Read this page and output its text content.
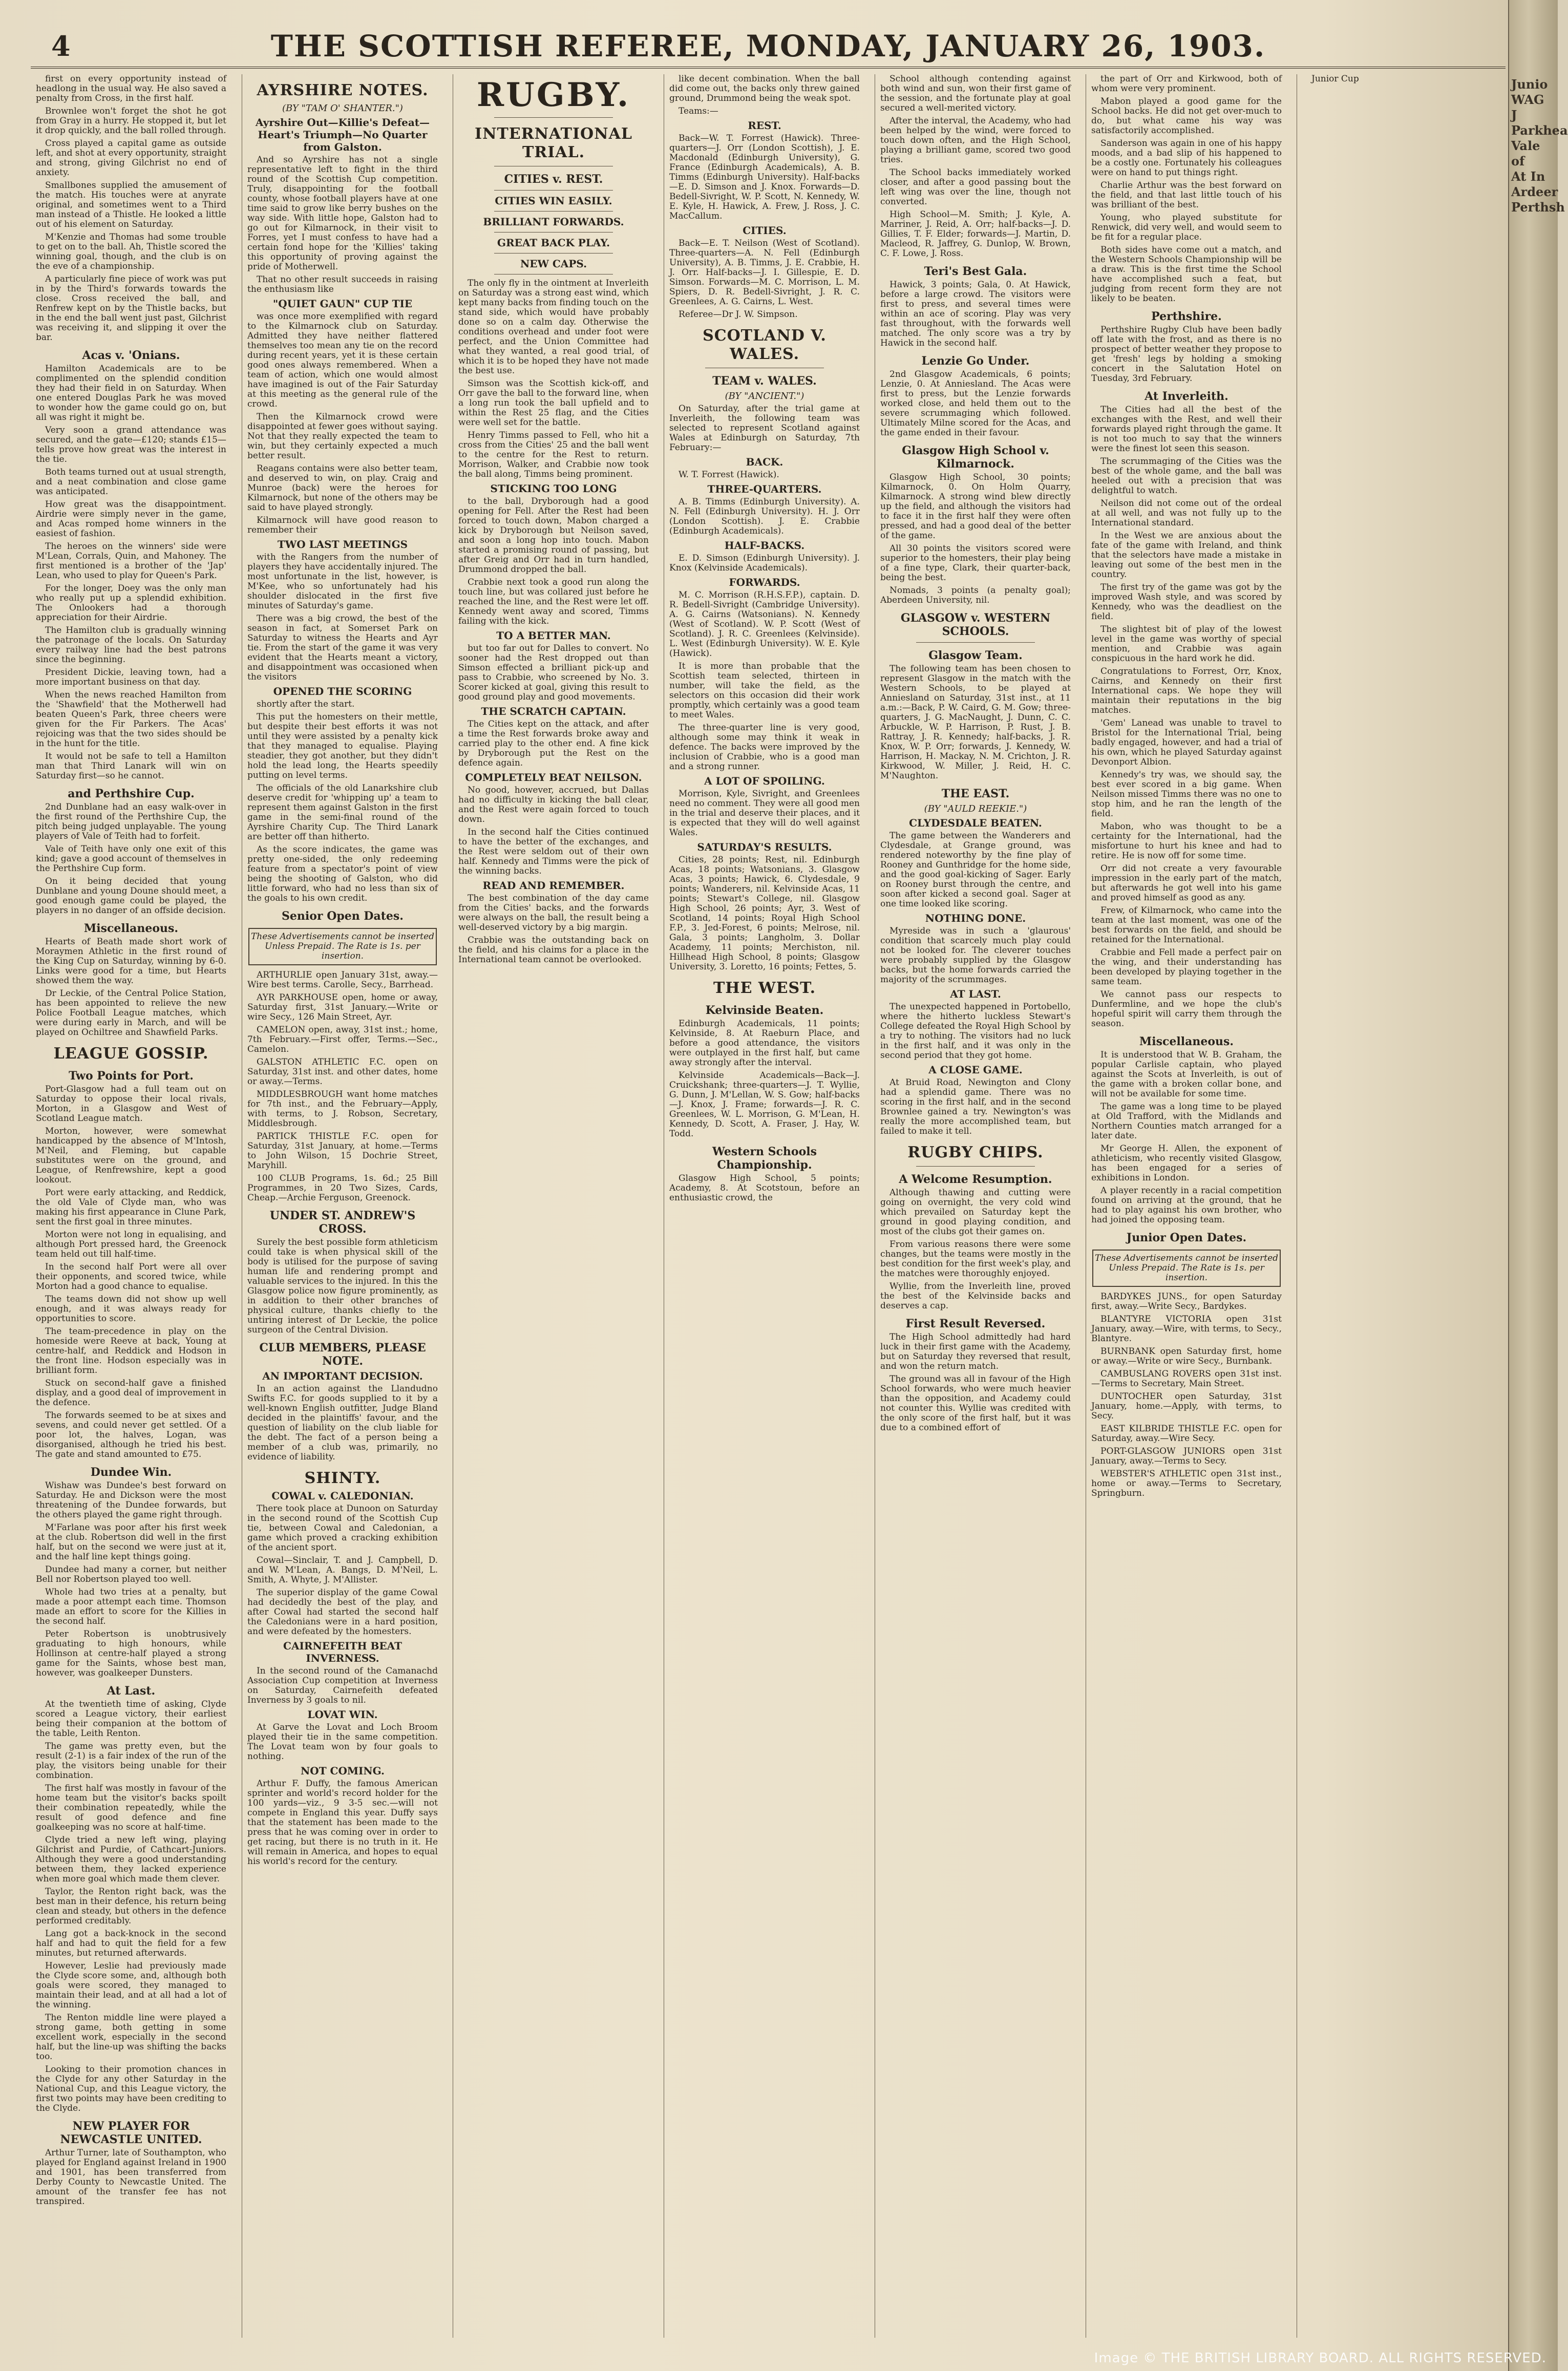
4	THE SCOTTISH REFEREE, MONDAY, JANUARY 26, 1903.

first on every opportunity instead of headlong in the usual way. He also saved a penalty from Cross, in the first half.

Brownlee won't forget the shot he got from Gray in a hurry. He stopped it, but let it drop quickly, and the ball rolled through.

Cross played a capital game as outside left, and shot at every opportunity, straight and strong, giving Gilchrist no end of anxiety.

Smallbones supplied the amusement of the match. His touches were at anyrate original, and sometimes went to a Third man instead of a Thistle. He looked a little out of his element on Saturday.

M'Kenzie and Thomas had some trouble to get on to the ball. Ah, Thistle scored the winning goal, though, and the club is on the eve of a championship.

A particularly fine piece of work was put in by the Third's forwards towards the close. Cross received the ball, and Renfrew kept on by the Thistle backs, but in the end the ball went just past, Gilchrist was receiving it, and slipping it over the bar.

Acas v. 'Onians.

Hamilton Academicals are to be complimented on the splendid condition they had their field in on Saturday. When one entered Douglas Park he was moved to wonder how the game could go on, but all was right it might be.

Very soon a grand attendance was secured, and the gate—£120; stands £15—tells prove how great was the interest in the tie.

Both teams turned out at usual strength, and a neat combination and close game was anticipated.

How great was the disappointment. Airdrie were simply never in the game, and Acas romped home winners in the easiest of fashion.

The heroes on the winners' side were M'Lean, Corrals, Quin, and Mahoney. The first mentioned is a brother of the 'Jap' Lean, who used to play for Queen's Park.

For the longer, Doey was the only man who really put up a splendid exhibition. The Onlookers had a thorough appreciation for their Airdrie.

The Hamilton club is gradually winning the patronage of the locals. On Saturday every railway line had the best patrons since the beginning.

President Dickie, leaving town, had a more important business on that day.

When the news reached Hamilton from the 'Shawfield' that the Motherwell had beaten Queen's Park, three cheers were given for the Fir Parkers. The Acas' rejoicing was that the two sides should be in the hunt for the title.

It would not be safe to tell a Hamilton man that Third Lanark will win on Saturday first—so he cannot.

and Perthshire Cup.

2nd Dunblane had an easy walk-over in the first round of the Perthshire Cup, the pitch being judged unplayable. The young players of Vale of Teith had to forfeit.

Vale of Teith have only one exit of this kind; gave a good account of themselves in the Perthshire Cup form.

On it being decided that young Dunblane and young Doune should meet, a good enough game could be played, the players in no danger of an offside decision.

Miscellaneous.

Hearts of Beath made short work of Moraymen Athletic in the first round of the King Cup on Saturday, winning by 6-0. Links were good for a time, but Hearts showed them the way.

Dr Leckie, of the Central Police Station, has been appointed to relieve the new Police Football League matches, which were during early in March, and will be played on Ochiltree and Shawfield Parks.

LEAGUE GOSSIP.
Two Points for Port.

Port-Glasgow had a full team out on Saturday to oppose their local rivals, Morton, in a Glasgow and West of Scotland League match.

Morton, however, were somewhat handicapped by the absence of M'Intosh, M'Neil, and Fleming, but capable substitutes were on the ground, and League, of Renfrewshire, kept a good lookout.

Port were early attacking, and Reddick, the old Vale of Clyde man, who was making his first appearance in Clune Park, sent the first goal in three minutes.

Morton were not long in equalising, and although Port pressed hard, the Greenock team held out till half-time.

In the second half Port were all over their opponents, and scored twice, while Morton had a good chance to equalise.

The teams down did not show up well enough, and it was always ready for opportunities to score.

The team-precedence in play on the homeside were Reeve at back, Young at centre-half, and Reddick and Hodson in the front line. Hodson especially was in brilliant form.

Stuck on second-half gave a finished display, and a good deal of improvement in the defence.

The forwards seemed to be at sixes and sevens, and could never get settled. Of a poor lot, the halves, Logan, was disorganised, although he tried his best. The gate and stand amounted to £75.

Dundee Win.

Wishaw was Dundee's best forward on Saturday. He and Dickson were the most threatening of the Dundee forwards, but the others played the game right through.

M'Farlane was poor after his first week at the club. Robertson did well in the first half, but on the second we were just at it, and the half line kept things going.

Dundee had many a corner, but neither Bell nor Robertson played too well.

Whole had two tries at a penalty, but made a poor attempt each time. Thomson made an effort to score for the Killies in the second half.

Peter Robertson is unobtrusively graduating to high honours, while Hollinson at centre-half played a strong game for the Saints, whose best man, however, was goalkeeper Dunsters.

At Last.

At the twentieth time of asking, Clyde scored a League victory, their earliest being their companion at the bottom of the table, Leith Renton.

The game was pretty even, but the result (2-1) is a fair index of the run of the play, the visitors being unable for their combination.

The first half was mostly in favour of the home team but the visitor's backs spoilt their combination repeatedly, while the result of good defence and fine goalkeeping was no score at half-time.

Clyde tried a new left wing, playing Gilchrist and Purdie, of Cathcart-Juniors. Although they were a good understanding between them, they lacked experience when more goal which made them clever.

Taylor, the Renton right back, was the best man in their defence, his return being clean and steady, but others in the defence performed creditably.

Lang got a back-knock in the second half and had to quit the field for a few minutes, but returned afterwards.

However, Leslie had previously made the Clyde score some, and, although both goals were scored, they managed to maintain their lead, and at all had a lot of the winning.

The Renton middle line were played a strong game, both getting in some excellent work, especially in the second half, but the line-up was shifting the backs too.

Looking to their promotion chances in the Clyde for any other Saturday in the National Cup, and this League victory, the first two points may have been crediting to the Clyde.

NEW PLAYER FOR NEWCASTLE UNITED.

Arthur Turner, late of Southampton, who played for England against Ireland in 1900 and 1901, has been transferred from Derby County to Newcastle United. The amount of the transfer fee has not transpired.

AYRSHIRE NOTES.
(BY "TAM O' SHANTER.")
Ayrshire Out—Killie's Defeat—Heart's Triumph—No Quarter from Galston.

And so Ayrshire has not a single representative left to fight in the third round of the Scottish Cup competition. Truly, disappointing for the football county, whose football players have at one time said to grow like berry bushes on the way side. With little hope, Galston had to go out for Kilmarnock, in their visit to Forres, yet I must confess to have had a certain fond hope for the 'Killies' taking this opportunity of proving against the pride of Motherwell.

That no other result succeeds in raising the enthusiasm like

"QUIET GAUN" CUP TIE

was once more exemplified with regard to the Kilmarnock club on Saturday. Admitted they have neither flattered themselves too mean any tie on the record during recent years, yet it is these certain good ones always remembered. When a team of action, which one would almost have imagined is out of the Fair Saturday at this meeting as the general rule of the crowd.

Then the Kilmarnock crowd were disappointed at fewer goes without saying. Not that they really expected the team to win, but they certainly expected a much better result.

Reagans contains were also better team, and deserved to win, on play. Craig and Munroe (back) were the heroes for Kilmarnock, but none of the others may be said to have played strongly.

Kilmarnock will have good reason to remember their

TWO LAST MEETINGS

with the Rangers from the number of players they have accidentally injured. The most unfortunate in the list, however, is M'Kee, who so unfortunately had his shoulder dislocated in the first five minutes of Saturday's game.

There was a big crowd, the best of the season in fact, at Somerset Park on Saturday to witness the Hearts and Ayr tie. From the start of the game it was very evident that the Hearts meant a victory, and disappointment was occasioned when the visitors

OPENED THE SCORING

shortly after the start.

This put the homesters on their mettle, but despite their best efforts it was not until they were assisted by a penalty kick that they managed to equalise. Playing steadier, they got another, but they didn't hold the lead long, the Hearts speedily putting on level terms.

The officials of the old Lanarkshire club deserve credit for 'whipping up' a team to represent them against Galston in the first game in the semi-final round of the Ayrshire Charity Cup. The Third Lanark are better off than hitherto.

As the score indicates, the game was pretty one-sided, the only redeeming feature from a spectator's point of view being the shooting of Galston, who did little forward, who had no less than six of the goals to his own credit.

Senior Open Dates.

These Advertisements cannot be inserted Unless Prepaid. The Rate is 1s. per insertion.

ARTHURLIE open January 31st, away.—Wire best terms. Carolle, Secy., Barrhead.

AYR PARKHOUSE open, home or away, Saturday first, 31st January.—Write or wire Secy., 126 Main Street, Ayr.

CAMELON open, away, 31st inst.; home, 7th February.—First offer, Terms.—Sec., Camelon.

GALSTON ATHLETIC F.C. open on Saturday, 31st inst. and other dates, home or away.—Terms.

MIDDLESBROUGH want home matches for 7th inst., and the February—Apply, with terms, to J. Robson, Secretary, Middlesbrough.

PARTICK THISTLE F.C. open for Saturday, 31st January, at home.—Terms to John Wilson, 15 Dochrie Street, Maryhill.

100 CLUB Programs, 1s. 6d.; 25 Bill Programmes, in 20 Two Sizes, Cards, Cheap.—Archie Ferguson, Greenock.

UNDER ST. ANDREW'S CROSS.

Surely the best possible form athleticism could take is when physical skill of the body is utilised for the purpose of saving human life and rendering prompt and valuable services to the injured. In this the Glasgow police now figure prominently, as in addition to their other branches of physical culture, thanks chiefly to the untiring interest of Dr Leckie, the police surgeon of the Central Division.

CLUB MEMBERS, PLEASE NOTE.
AN IMPORTANT DECISION.

In an action against the Llandudno Swifts F.C. for goods supplied to it by a well-known English outfitter, Judge Bland decided in the plaintiffs' favour, and the question of liability on the club liable for the debt. The fact of a person being a member of a club was, primarily, no evidence of liability.

SHINTY.
COWAL v. CALEDONIAN.

There took place at Dunoon on Saturday in the second round of the Scottish Cup tie, between Cowal and Caledonian, a game which proved a cracking exhibition of the ancient sport.

Cowal—Sinclair, T. and J. Campbell, D. and W. M'Lean, A. Bangs, D. M'Neil, L. Smith, A. Whyte, J. M'Allister.

The superior display of the game Cowal had decidedly the best of the play, and after Cowal had started the second half the Caledonians were in a hard position, and were defeated by the homesters.

CAIRNEFEITH BEAT INVERNESS.

In the second round of the Camanachd Association Cup competition at Inverness on Saturday, Cairnefeith defeated Inverness by 3 goals to nil.

LOVAT WIN.

At Garve the Lovat and Loch Broom played their tie in the same competition. The Lovat team won by four goals to nothing.

NOT COMING.

Arthur F. Duffy, the famous American sprinter and world's record holder for the 100 yards—viz., 9 3-5 sec.—will not compete in England this year. Duffy says that the statement has been made to the press that he was coming over in order to get racing, but there is no truth in it. He will remain in America, and hopes to equal his world's record for the century.

RUGBY.
INTERNATIONAL TRIAL.
CITIES v. REST.
CITIES WIN EASILY.
BRILLIANT FORWARDS.
GREAT BACK PLAY.
NEW CAPS.

The only fly in the ointment at Inverleith on Saturday was a strong east wind, which kept many backs from finding touch on the stand side, which would have probably done so on a calm day. Otherwise the conditions overhead and under foot were perfect, and the Union Committee had what they wanted, a real good trial, of which it is to be hoped they have not made the best use.

Simson was the Scottish kick-off, and Orr gave the ball to the forward line, when a long run took the ball upfield and to within the Rest 25 flag, and the Cities were well set for the battle.

Henry Timms passed to Fell, who hit a cross from the Cities' 25 and the ball went to the centre for the Rest to return. Morrison, Walker, and Crabbie now took the ball along, Timms being prominent.

STICKING TOO LONG

to the ball, Dryborough had a good opening for Fell. After the Rest had been forced to touch down, Mabon charged a kick by Dryborough but Neilson saved, and soon a long hop into touch. Mabon started a promising round of passing, but after Greig and Orr had in turn handled, Drummond dropped the ball.

Crabbie next took a good run along the touch line, but was collared just before he reached the line, and the Rest were let off. Kennedy went away and scored, Timms failing with the kick.

TO A BETTER MAN.

but too far out for Dalles to convert. No sooner had the Rest dropped out than Simson effected a brilliant pick-up and pass to Crabbie, who screened by No. 3. Scorer kicked at goal, giving this result to good ground play and good movements.

THE SCRATCH CAPTAIN.

The Cities kept on the attack, and after a time the Rest forwards broke away and carried play to the other end. A fine kick by Dryborough put the Rest on the defence again.

COMPLETELY BEAT NEILSON.

No good, however, accrued, but Dallas had no difficulty in kicking the ball clear, and the Rest were again forced to touch down.

In the second half the Cities continued to have the better of the exchanges, and the Rest were seldom out of their own half. Kennedy and Timms were the pick of the winning backs.

READ AND REMEMBER.

The best combination of the day came from the Cities' backs, and the forwards were always on the ball, the result being a well-deserved victory by a big margin.

Crabbie was the outstanding back on the field, and his claims for a place in the International team cannot be overlooked.

like decent combination. When the ball did come out, the backs only threw gained ground, Drummond being the weak spot.

Teams:—

REST.

Back—W. T. Forrest (Hawick). Three-quarters—J. Orr (London Scottish), J. E. Macdonald (Edinburgh University), G. France (Edinburgh Academicals), A. B. Timms (Edinburgh University). Half-backs—E. D. Simson and J. Knox. Forwards—D. Bedell-Sivright, W. P. Scott, N. Kennedy, W. E. Kyle, H. Hawick, A. Frew, J. Ross, J. C. MacCallum.

CITIES.

Back—E. T. Neilson (West of Scotland). Three-quarters—A. N. Fell (Edinburgh University), A. B. Timms, J. E. Crabbie, H. J. Orr. Half-backs—J. I. Gillespie, E. D. Simson. Forwards—M. C. Morrison, L. M. Spiers, D. R. Bedell-Sivright, J. R. C. Greenlees, A. G. Cairns, L. West.

Referee—Dr J. W. Simpson.

SCOTLAND V. WALES.
TEAM v. WALES.
(BY "ANCIENT.")

On Saturday, after the trial game at Inverleith, the following team was selected to represent Scotland against Wales at Edinburgh on Saturday, 7th February:—

BACK.

W. T. Forrest (Hawick).

THREE-QUARTERS.

A. B. Timms (Edinburgh University). A. N. Fell (Edinburgh University). H. J. Orr (London Scottish). J. E. Crabbie (Edinburgh Academicals).

HALF-BACKS.

E. D. Simson (Edinburgh University). J. Knox (Kelvinside Academicals).

FORWARDS.

M. C. Morrison (R.H.S.F.P.), captain. D. R. Bedell-Sivright (Cambridge University). A. G. Cairns (Watsonians). N. Kennedy (West of Scotland). W. P. Scott (West of Scotland). J. R. C. Greenlees (Kelvinside). L. West (Edinburgh University). W. E. Kyle (Hawick).

It is more than probable that the Scottish team selected, thirteen in number, will take the field, as the selectors on this occasion did their work promptly, which certainly was a good team to meet Wales.

The three-quarter line is very good, although some may think it weak in defence. The backs were improved by the inclusion of Crabbie, who is a good man and a strong runner.

A LOT OF SPOILING.

Morrison, Kyle, Sivright, and Greenlees need no comment. They were all good men in the trial and deserve their places, and it is expected that they will do well against Wales.

SATURDAY'S RESULTS.

Cities, 28 points; Rest, nil. Edinburgh Acas, 18 points; Watsonians, 3. Glasgow Acas, 3 points; Hawick, 6. Clydesdale, 9 points; Wanderers, nil. Kelvinside Acas, 11 points; Stewart's College, nil. Glasgow High School, 26 points; Ayr, 3. West of Scotland, 14 points; Royal High School F.P., 3. Jed-Forest, 6 points; Melrose, nil. Gala, 3 points; Langholm, 3. Dollar Academy, 11 points; Merchiston, nil. Hillhead High School, 8 points; Glasgow University, 3. Loretto, 16 points; Fettes, 5.

THE WEST.
Kelvinside Beaten.

Edinburgh Academicals, 11 points; Kelvinside, 8. At Raeburn Place, and before a good attendance, the visitors were outplayed in the first half, but came away strongly after the interval.

Kelvinside Academicals—Back—J. Cruickshank; three-quarters—J. T. Wyllie, G. Dunn, J. M'Lellan, W. S. Gow; half-backs—J. Knox, J. Frame; forwards—J. R. C. Greenlees, W. L. Morrison, G. M'Lean, H. Kennedy, D. Scott, A. Fraser, J. Hay, W. Todd.

Western Schools Championship.

Glasgow High School, 5 points; Academy, 8. At Scotstoun, before an enthusiastic crowd, the

School although contending against both wind and sun, won their first game of the session, and the fortunate play at goal secured a well-merited victory.

After the interval, the Academy, who had been helped by the wind, were forced to touch down often, and the High School, playing a brilliant game, scored two good tries.

The School backs immediately worked closer, and after a good passing bout the left wing was over the line, though not converted.

High School—M. Smith; J. Kyle, A. Marriner, J. Reid, A. Orr; half-backs—J. D. Gillies, T. F. Elder; forwards—J. Martin, D. Macleod, R. Jaffrey, G. Dunlop, W. Brown, C. F. Lowe, J. Ross.

Teri's Best Gala.

Hawick, 3 points; Gala, 0. At Hawick, before a large crowd. The visitors were first to press, and several times were within an ace of scoring. Play was very fast throughout, with the forwards well matched. The only score was a try by Hawick in the second half.

Lenzie Go Under.

2nd Glasgow Academicals, 6 points; Lenzie, 0. At Anniesland. The Acas were first to press, but the Lenzie forwards worked close, and held them out to the severe scrummaging which followed. Ultimately Milne scored for the Acas, and the game ended in their favour.

Glasgow High School v. Kilmarnock.

Glasgow High School, 30 points; Kilmarnock, 0. On Holm Quarry, Kilmarnock. A strong wind blew directly up the field, and although the visitors had to face it in the first half they were often pressed, and had a good deal of the better of the game.

All 30 points the visitors scored were superior to the homesters, their play being of a fine type, Clark, their quarter-back, being the best.

Nomads, 3 points (a penalty goal); Aberdeen University, nil.

GLASGOW v. WESTERN SCHOOLS.
Glasgow Team.

The following team has been chosen to represent Glasgow in the match with the Western Schools, to be played at Anniesland on Saturday, 31st inst., at 11 a.m.:—Back, P. W. Caird, G. M. Gow; three-quarters, J. G. MacNaught, J. Dunn, C. C. Arbuckle, W. P. Harrison, P. Rust, J. B. Rattray, J. R. Kennedy; half-backs, J. R. Knox, W. P. Orr; forwards, J. Kennedy, W. Harrison, H. Mackay, N. M. Crichton, J. R. Kirkwood, W. Miller, J. Reid, H. C. M'Naughton.

THE EAST.
(BY "AULD REEKIE.")
CLYDESDALE BEATEN.

The game between the Wanderers and Clydesdale, at Grange ground, was rendered noteworthy by the fine play of Rooney and Gunthridge for the home side, and the good goal-kicking of Sager. Early on Rooney burst through the centre, and soon after kicked a second goal. Sager at one time looked like scoring.

NOTHING DONE.

Myreside was in such a 'glaurous' condition that scarcely much play could not be looked for. The cleverer touches were probably supplied by the Glasgow backs, but the home forwards carried the majority of the scrummages.

AT LAST.

The unexpected happened in Portobello, where the hitherto luckless Stewart's College defeated the Royal High School by a try to nothing. The visitors had no luck in the first half, and it was only in the second period that they got home.

A CLOSE GAME.

At Bruid Road, Newington and Clony had a splendid game. There was no scoring in the first half, and in the second Brownlee gained a try. Newington's was really the more accomplished team, but failed to make it tell.

RUGBY CHIPS.
A Welcome Resumption.

Although thawing and cutting were going on overnight, the very cold wind which prevailed on Saturday kept the ground in good playing condition, and most of the clubs got their games on.

From various reasons there were some changes, but the teams were mostly in the best condition for the first week's play, and the matches were thoroughly enjoyed.

Wyllie, from the Inverleith line, proved the best of the Kelvinside backs and deserves a cap.

First Result Reversed.

The High School admittedly had hard luck in their first game with the Academy, but on Saturday they reversed that result, and won the return match.

The ground was all in favour of the High School forwards, who were much heavier than the opposition, and Academy could not counter this. Wyllie was credited with the only score of the first half, but it was due to a combined effort of

the part of Orr and Kirkwood, both of whom were very prominent.

Mabon played a good game for the School backs. He did not get over-much to do, but what came his way was satisfactorily accomplished.

Sanderson was again in one of his happy moods, and a bad slip of his happened to be a costly one. Fortunately his colleagues were on hand to put things right.

Charlie Arthur was the best forward on the field, and that last little touch of his was brilliant of the best.

Young, who played substitute for Renwick, did very well, and would seem to be fit for a regular place.

Both sides have come out a match, and the Western Schools Championship will be a draw. This is the first time the School have accomplished such a feat, but judging from recent form they are not likely to be beaten.

Perthshire.

Perthshire Rugby Club have been badly off late with the frost, and as there is no prospect of better weather they propose to get 'fresh' legs by holding a smoking concert in the Salutation Hotel on Tuesday, 3rd February.

At Inverleith.

The Cities had all the best of the exchanges with the Rest, and well their forwards played right through the game. It is not too much to say that the winners were the finest lot seen this season.

The scrummaging of the Cities was the best of the whole game, and the ball was heeled out with a precision that was delightful to watch.

Neilson did not come out of the ordeal at all well, and was not fully up to the International standard.

In the West we are anxious about the fate of the game with Ireland, and think that the selectors have made a mistake in leaving out some of the best men in the country.

The first try of the game was got by the improved Wash style, and was scored by Kennedy, who was the deadliest on the field.

The slightest bit of play of the lowest level in the game was worthy of special mention, and Crabbie was again conspicuous in the hard work he did.

Congratulations to Forrest, Orr, Knox, Cairns, and Kennedy on their first International caps. We hope they will maintain their reputations in the big matches.

'Gem' Lanead was unable to travel to Bristol for the International Trial, being badly engaged, however, and had a trial of his own, which he played Saturday against Devonport Albion.

Kennedy's try was, we should say, the best ever scored in a big game. When Neilson missed Timms there was no one to stop him, and he ran the length of the field.

Mabon, who was thought to be a certainty for the International, had the misfortune to hurt his knee and had to retire. He is now off for some time.

Orr did not create a very favourable impression in the early part of the match, but afterwards he got well into his game and proved himself as good as any.

Frew, of Kilmarnock, who came into the team at the last moment, was one of the best forwards on the field, and should be retained for the International.

Crabbie and Fell made a perfect pair on the wing, and their understanding has been developed by playing together in the same team.

We cannot pass our respects to Dunfermline, and we hope the club's hopeful spirit will carry them through the season.

Miscellaneous.

It is understood that W. B. Graham, the popular Carlisle captain, who played against the Scots at Inverleith, is out of the game with a broken collar bone, and will not be available for some time.

The game was a long time to be played at Old Trafford, with the Midlands and Northern Counties match arranged for a later date.

Mr George H. Allen, the exponent of athleticism, who recently visited Glasgow, has been engaged for a series of exhibitions in London.

A player recently in a racial competition found on arriving at the ground, that he had to play against his own brother, who had joined the opposing team.

Junior Open Dates.

These Advertisements cannot be inserted Unless Prepaid. The Rate is 1s. per insertion.

BARDYKES JUNS., for open Saturday first, away.—Write Secy., Bardykes.

BLANTYRE VICTORIA open 31st January, away.—Wire, with terms, to Secy., Blantyre.

BURNBANK open Saturday first, home or away.—Write or wire Secy., Burnbank.

CAMBUSLANG ROVERS open 31st inst.—Terms to Secretary, Main Street.

DUNTOCHER open Saturday, 31st January, home.—Apply, with terms, to Secy.

EAST KILBRIDE THISTLE F.C. open for Saturday, away.—Wire Secy.

PORT-GLASGOW JUNIORS open 31st January, away.—Terms to Secy.

WEBSTER'S ATHLETIC open 31st inst., home or away.—Terms to Secretary, Springburn.

Junior Cup	Junio
WAG
J
Parkhea
Vale of
At In
Ardeer
Perthsh
Image © THE BRITISH LIBRARY BOARD. ALL RIGHTS RESERVED.
